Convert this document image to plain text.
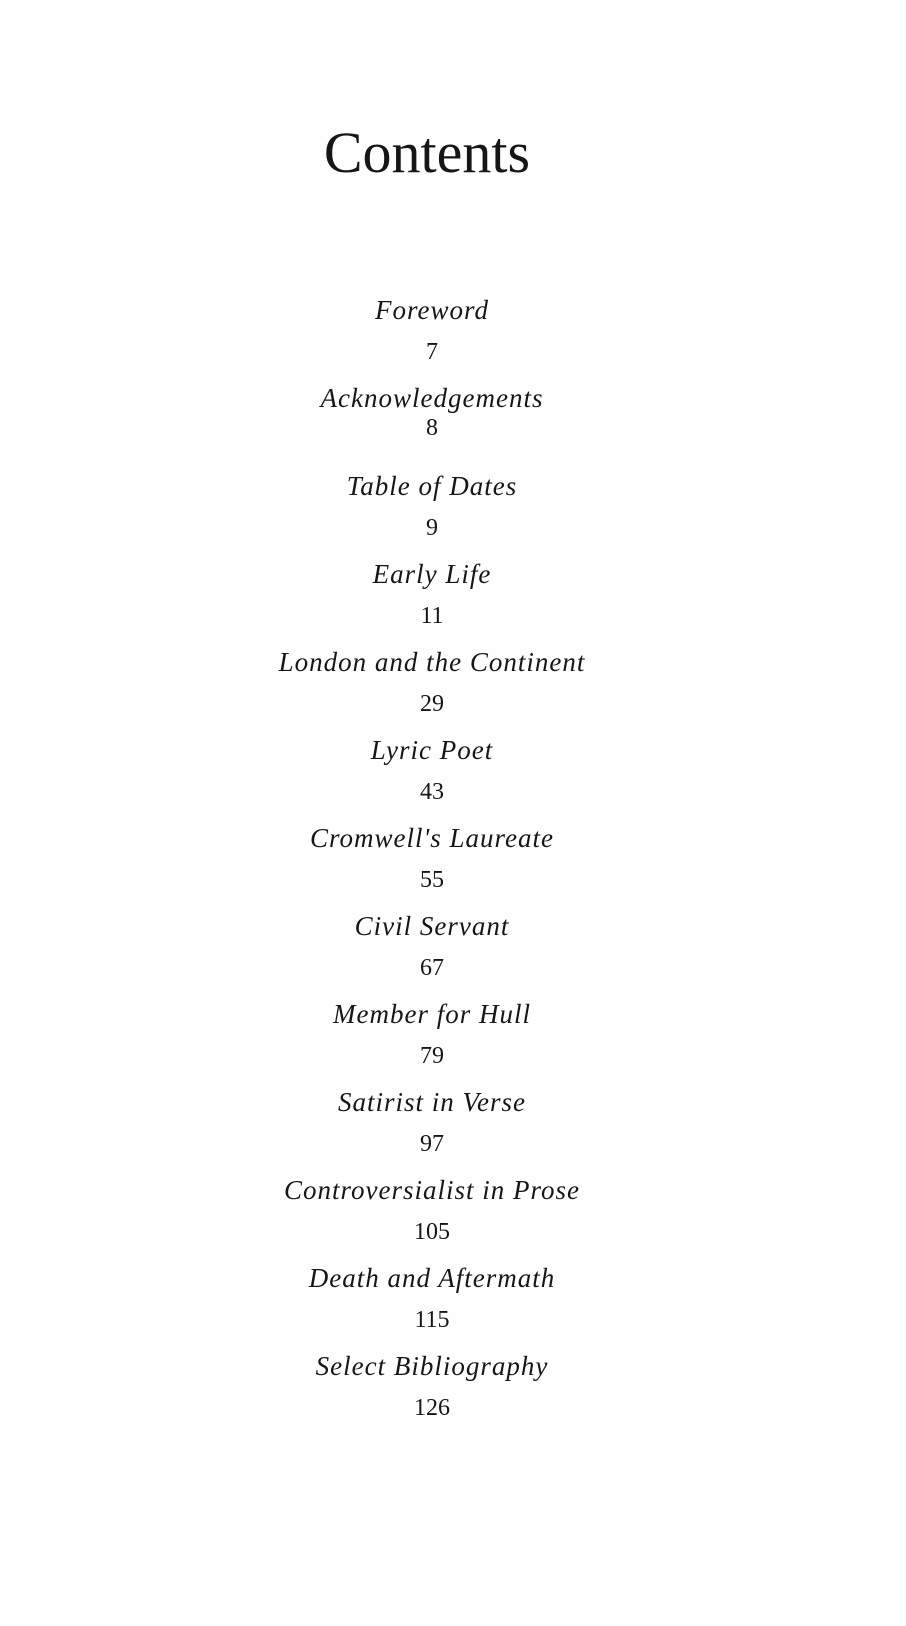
Contents
Foreword
7
Acknowledgements
8
Table of Dates
9
Early Life
11
London and the Continent
29
Lyric Poet
43
Cromwell's Laureate
55
Civil Servant
67
Member for Hull
79
Satirist in Verse
97
Controversialist in Prose
105
Death and Aftermath
115
Select Bibliography
126
